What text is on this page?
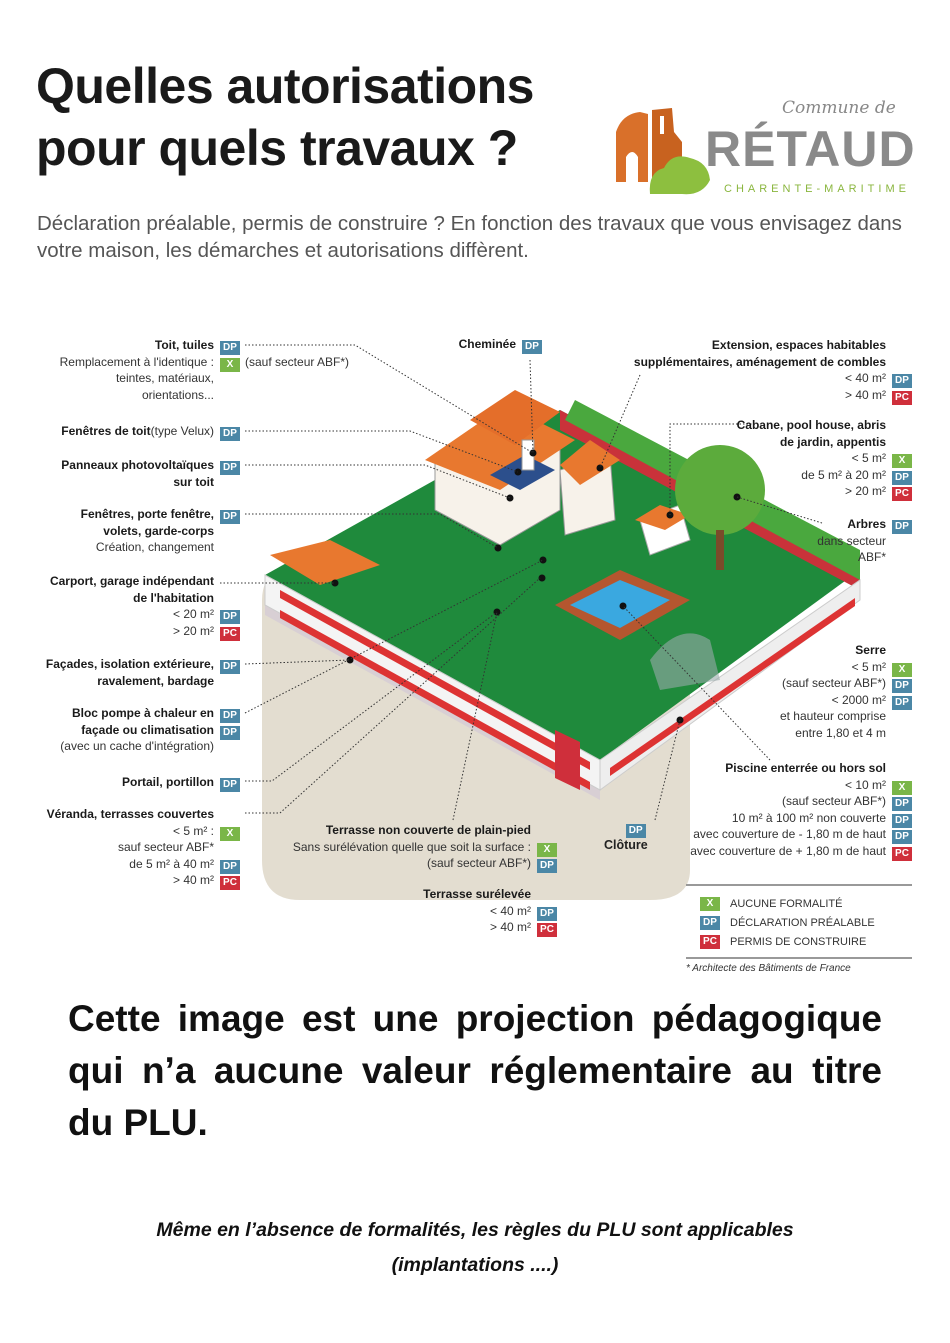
Quelles autorisations
pour quels travaux ?
Commune de
RÉTAUD
CHARENTE-MARITIME
Déclaration préalable, permis de construire ? En fonction des travaux que vous envisagez dans votre maison, les démarches et autorisations diffèrent.
Toit, tuiles DP
Remplacement à l'identique :	X (sauf secteur ABF*)
teintes, matériaux,
orientations...
Fenêtres de toit (type Velux) DP
Panneaux photovoltaïques DP
sur toit
Fenêtres, porte fenêtre, DP
volets, garde-corps
Création, changement
Carport, garage indépendant
de l'habitation
< 20 m² DP
> 20 m² PC
Façades, isolation extérieure, DP
ravalement, bardage
Bloc pompe à chaleur en DP
façade ou climatisation DP
(avec un cache d'intégration)
Portail, portillon DP
Véranda, terrasses couvertes
< 5 m² :	X
sauf secteur ABF*
de 5 m² à 40 m² DP
> 40 m² PC
Cheminée DP
Terrasse non couverte de plain-pied
Sans surélévation quelle que soit la surface :	X
(sauf secteur ABF*) DP
Terrasse surélevée
< 40 m² DP
> 40 m² PC
Extension, espaces habitables
supplémentaires, aménagement de combles
< 40 m² DP
> 40 m² PC
Cabane, pool house, abris
de jardin, appentis
< 5 m²	X
de 5 m² à 20 m² DP
> 20 m² PC
Arbres DP
dans secteur
ABF*
Serre
< 5 m²	X
(sauf secteur ABF*) DP
< 2000 m² DP
et hauteur comprise
entre 1,80 et 4 m
Piscine enterrée ou hors sol
< 10 m²	X
(sauf secteur ABF*) DP
10 m² à 100 m² non couverte DP
avec couverture de - 1,80 m de haut DP
avec couverture de + 1,80 m de haut PC
DP
Clôture
X	AUCUNE FORMALITÉ
DP DÉCLARATION PRÉALABLE
PC PERMIS DE CONSTRUIRE
* Architecte des Bâtiments de France
Cette image est une projection pédagogique qui n’a aucune valeur réglementaire au titre du PLU.
Même en l’absence de formalités, les règles du PLU sont applicables
(implantations ....)
